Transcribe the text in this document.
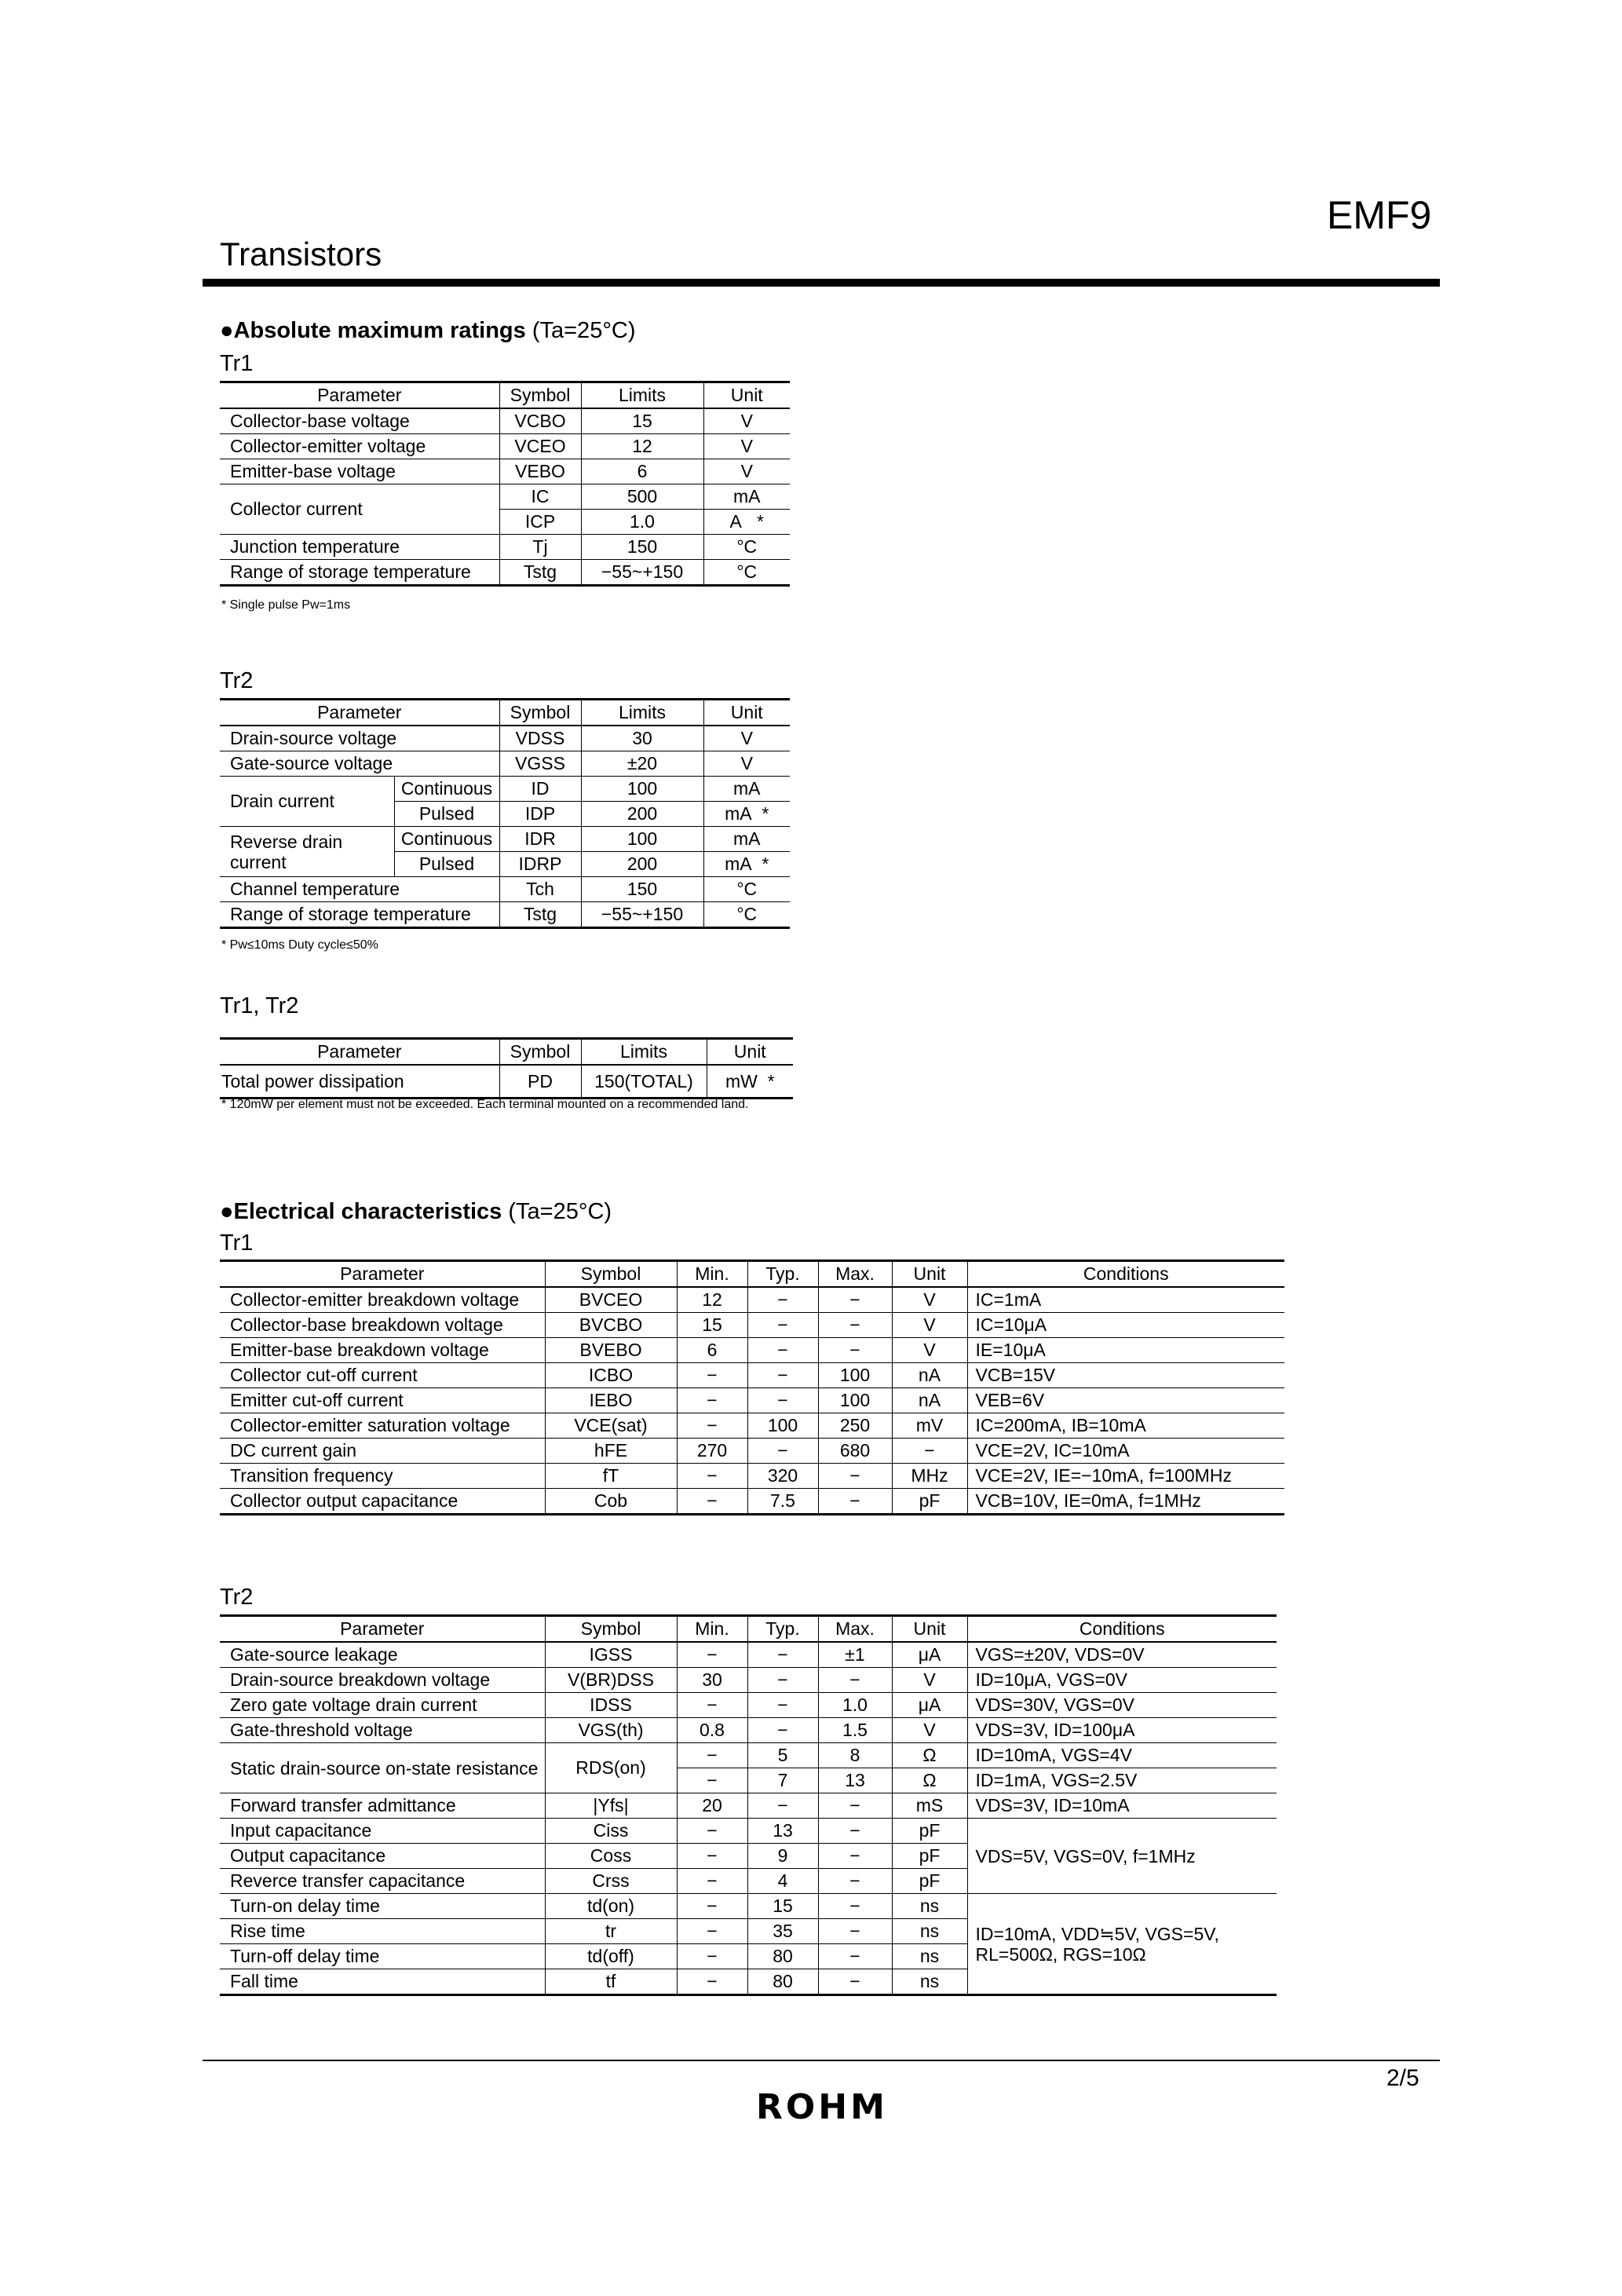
EMF9
Transistors
●Absolute maximum ratings (Ta=25°C)
Tr1
Parameter	Symbol	Limits	Unit
Collector-base voltage	VCBO	15	V
Collector-emitter voltage	VCEO	12	V
Emitter-base voltage	VEBO	6	V
Collector current	IC	500	mA
	ICP	1.0	A *
Junction temperature	Tj	150	°C
Range of storage temperature	Tstg	−55~+150	°C
* Single pulse Pw=1ms
Tr2
Parameter		Symbol	Limits	Unit
Drain-source voltage		VDSS	30	V
Gate-source voltage		VGSS	±20	V
Drain current	Continuous	ID	100	mA
	Pulsed	IDP	200	mA *
Reverse drain current	Continuous	IDR	100	mA
	Pulsed	IDRP	200	mA *
Channel temperature		Tch	150	°C
Range of storage temperature		Tstg	−55~+150	°C
* Pw≤10ms Duty cycle≤50%
Tr1, Tr2
Parameter	Symbol	Limits	Unit
Total power dissipation	PD	150(TOTAL)	mW *
* 120mW per element must not be exceeded. Each terminal mounted on a recommended land.
●Electrical characteristics (Ta=25°C)
Tr1
Parameter	Symbol	Min.	Typ.	Max.	Unit	Conditions
Collector-emitter breakdown voltage	BVCEO	12	−	−	V	IC=1mA
Collector-base breakdown voltage	BVCBO	15	−	−	V	IC=10μA
Emitter-base breakdown voltage	BVEBO	6	−	−	V	IE=10μA
Collector cut-off current	ICBO	−	−	100	nA	VCB=15V
Emitter cut-off current	IEBO	−	−	100	nA	VEB=6V
Collector-emitter saturation voltage	VCE(sat)	−	100	250	mV	IC=200mA, IB=10mA
DC current gain	hFE	270	−	680	−	VCE=2V, IC=10mA
Transition frequency	fT	−	320	−	MHz	VCE=2V, IE=−10mA, f=100MHz
Collector output capacitance	Cob	−	7.5	−	pF	VCB=10V, IE=0mA, f=1MHz
Tr2
Parameter	Symbol	Min.	Typ.	Max.	Unit	Conditions
Gate-source leakage	IGSS	−	−	±1	μA	VGS=±20V, VDS=0V
Drain-source breakdown voltage	V(BR)DSS	30	−	−	V	ID=10μA, VGS=0V
Zero gate voltage drain current	IDSS	−	−	1.0	μA	VDS=30V, VGS=0V
Gate-threshold voltage	VGS(th)	0.8	−	1.5	V	VDS=3V, ID=100μA
Static drain-source on-state resistance	RDS(on)	−	5	8	Ω	ID=10mA, VGS=4V
		−	7	13	Ω	ID=1mA, VGS=2.5V
Forward transfer admittance	|Yfs|	20	−	−	mS	VDS=3V, ID=10mA
Input capacitance	Ciss	−	13	−	pF	VDS=5V, VGS=0V, f=1MHz
Output capacitance	Coss	−	9	−	pF	
Reverce transfer capacitance	Crss	−	4	−	pF	
Turn-on delay time	td(on)	−	15	−	ns	ID=10mA, VDD≒5V, VGS=5V, RL=500Ω, RGS=10Ω
Rise time	tr	−	35	−	ns	
Turn-off delay time	td(off)	−	80	−	ns	
Fall time	tf	−	80	−	ns	
2/5
ROHM
